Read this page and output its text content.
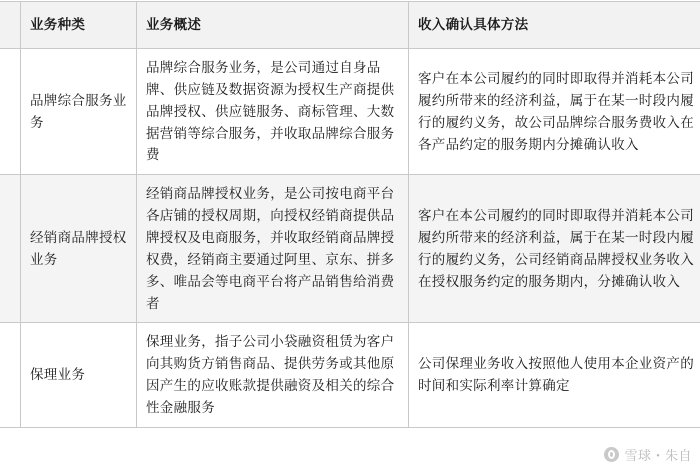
	业务种类	业务概述	收入确认具体方法
	品牌综合服务业务	品牌综合服务业务，是公司通过自身品牌、供应链及数据资源为授权生产商提供品牌授权、供应链服务、商标管理、大数据营销等综合服务，并收取品牌综合服务费	客户在本公司履约的同时即取得并消耗本公司履约所带来的经济利益，属于在某一时段内履行的履约义务，故公司品牌综合服务费收入在各产品约定的服务期内分摊确认收入
	经销商品牌授权业务	经销商品牌授权业务，是公司按电商平台各店铺的授权周期，向授权经销商提供品牌授权及电商服务，并收取经销商品牌授权费，经销商主要通过阿里、京东、拼多多、唯品会等电商平台将产品销售给消费者	客户在本公司履约的同时即取得并消耗本公司履约所带来的经济利益，属于在某一时段内履行的履约义务，公司经销商品牌授权业务收入在授权服务约定的服务期内，分摊确认收入
	保理业务	保理业务，指子公司小袋融资租赁为客户向其购货方销售商品、提供劳务或其他原因产生的应收账款提供融资及相关的综合性金融服务	公司保理业务收入按照他人使用本企业资产的时间和实际利率计算确定
雪球・朱自
